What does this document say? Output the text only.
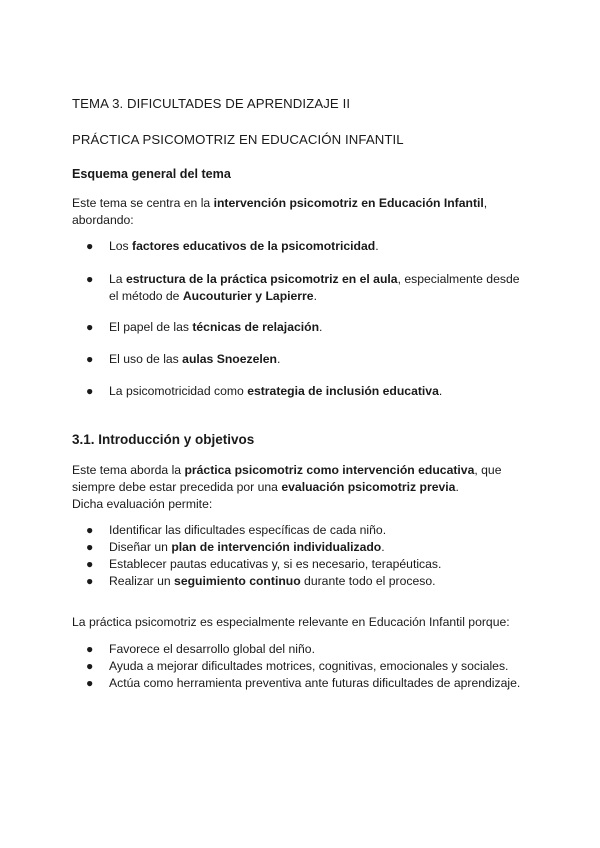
TEMA 3. DIFICULTADES DE APRENDIZAJE II
PRÁCTICA PSICOMOTRIZ EN EDUCACIÓN INFANTIL
Esquema general del tema
Este tema se centra en la intervención psicomotriz en Educación Infantil,
abordando:
● Los factores educativos de la psicomotricidad.
● La estructura de la práctica psicomotriz en el aula, especialmente desde
el método de Aucouturier y Lapierre.
● El papel de las técnicas de relajación.
● El uso de las aulas Snoezelen.
● La psicomotricidad como estrategia de inclusión educativa.
3.1. Introducción y objetivos
Este tema aborda la práctica psicomotriz como intervención educativa, que
siempre debe estar precedida por una evaluación psicomotriz previa.
Dicha evaluación permite:
● Identificar las dificultades específicas de cada niño.
● Diseñar un plan de intervención individualizado.
● Establecer pautas educativas y, si es necesario, terapéuticas.
● Realizar un seguimiento continuo durante todo el proceso.
La práctica psicomotriz es especialmente relevante en Educación Infantil porque:
● Favorece el desarrollo global del niño.
● Ayuda a mejorar dificultades motrices, cognitivas, emocionales y sociales.
● Actúa como herramienta preventiva ante futuras dificultades de aprendizaje.
